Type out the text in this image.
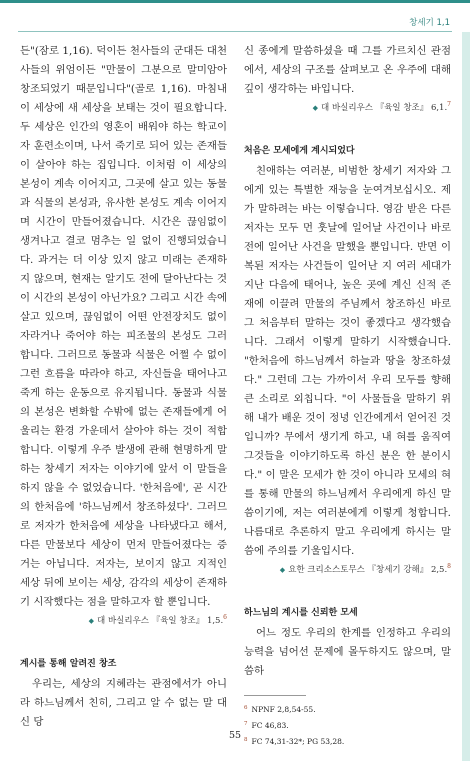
창세기 1,1

든"(잠로 1,16). 덕이든 천사들의 군대든 대천사들의 위엄이든 "만물이 그분으로 말미암아 창조되었기 때문입니다"(골로 1,16). 마침내 이 세상에 새 세상을 보태는 것이 필요합니다. 두 세상은 인간의 영혼이 배워야 하는 학교이자 훈련소이며, 나서 죽기로 되어 있는 존재들이 살아야 하는 집입니다. 이처럼 이 세상의 본성이 계속 이어지고, 그곳에 살고 있는 동물과 식물의 본성과, 유사한 본성도 계속 이어지며 시간이 만들어졌습니다. 시간은 끊임없이 생겨나고 결코 멈추는 일 없이 진행되었습니다. 과거는 더 이상 있지 않고 미래는 존재하지 않으며, 현재는 알기도 전에 달아난다는 것이 시간의 본성이 아닌가요? 그리고 시간 속에 살고 있으며, 끊임없이 어떤 안전장치도 없이 자라거나 죽어야 하는 피조물의 본성도 그러합니다. 그러므로 동물과 식물은 어쩔 수 없이 그런 흐름을 따라야 하고, 자신들을 태어나고 죽게 하는 운동으로 유지됩니다. 동물과 식물의 본성은 변화할 수밖에 없는 존재들에게 어울리는 환경 가운데서 살아야 하는 것이 적합합니다. 이렇게 우주 발생에 관해 현명하게 말하는 창세기 저자는 이야기에 앞서 이 말들을 하지 않을 수 없었습니다. '한처음에', 곧 시간의 한처음에 '하느님께서 창조하셨다'. 그러므로 저자가 한처음에 세상을 나타냈다고 해서, 다른 만물보다 세상이 먼저 만들어졌다는 증거는 아닙니다. 저자는, 보이지 않고 지적인 세상 뒤에 보이는 세상, 감각의 세상이 존재하기 시작했다는 점을 말하고자 할 뿐입니다.

◆ 대 바실리우스 『육일 창조』 1,5.$^6$

계시를 통해 알려진 창조

우리는, 세상의 지혜라는 관점에서가 아니라 하느님께서 친히, 그리고 알 수 없는 말 대신 당

신 종에게 말씀하셨을 때 그를 가르치신 관점에서, 세상의 구조를 살펴보고 온 우주에 대해 깊이 생각하는 바입니다.

◆ 대 바실리우스 『육일 창조』 6,1.$^7$

처음은 모세에게 계시되었다

친애하는 여러분, 비범한 창세기 저자와 그에게 있는 특별한 재능을 눈여겨보십시오. 제가 말하려는 바는 이렇습니다. 영감 받은 다른 저자는 모두 먼 훗날에 일어날 사건이나 바로 전에 일어난 사건을 말했을 뿐입니다. 반면 이 복된 저자는 사건들이 일어난 지 여러 세대가 지난 다음에 태어나, 높은 곳에 계신 신적 존재에 이끌려 만물의 주님께서 창조하신 바로 그 처음부터 말하는 것이 좋겠다고 생각했습니다. 그래서 이렇게 말하기 시작했습니다. "한처음에 하느님께서 하늘과 땅을 창조하셨다." 그런데 그는 가까이서 우리 모두를 향해 큰 소리로 외칩니다. "이 사물들을 말하기 위해 내가 배운 것이 정녕 인간에게서 얻어진 것입니까? 무에서 생기게 하고, 내 혀를 움직여 그것들을 이야기하도록 하신 분은 한 분이시다." 이 말은 모세가 한 것이 아니라 모세의 혀를 통해 만물의 하느님께서 우리에게 하신 말씀이기에, 저는 여러분에게 이렇게 청합니다. 나름대로 추론하지 말고 우리에게 하시는 말씀에 주의를 기울입시다.

◆ 요한 크리소스토무스 『창세기 강해』 2,5.$^8$

하느님의 계시를 신뢰한 모세

어느 정도 우리의 한계를 인정하고 우리의 능력을 넘어선 문제에 몰두하지도 않으며, 말씀하

$^6$ NPNF 2,8,54-55.

$^7$ FC 46,83.

$^8$ FC 74,31-32*; PG 53,28.

55
